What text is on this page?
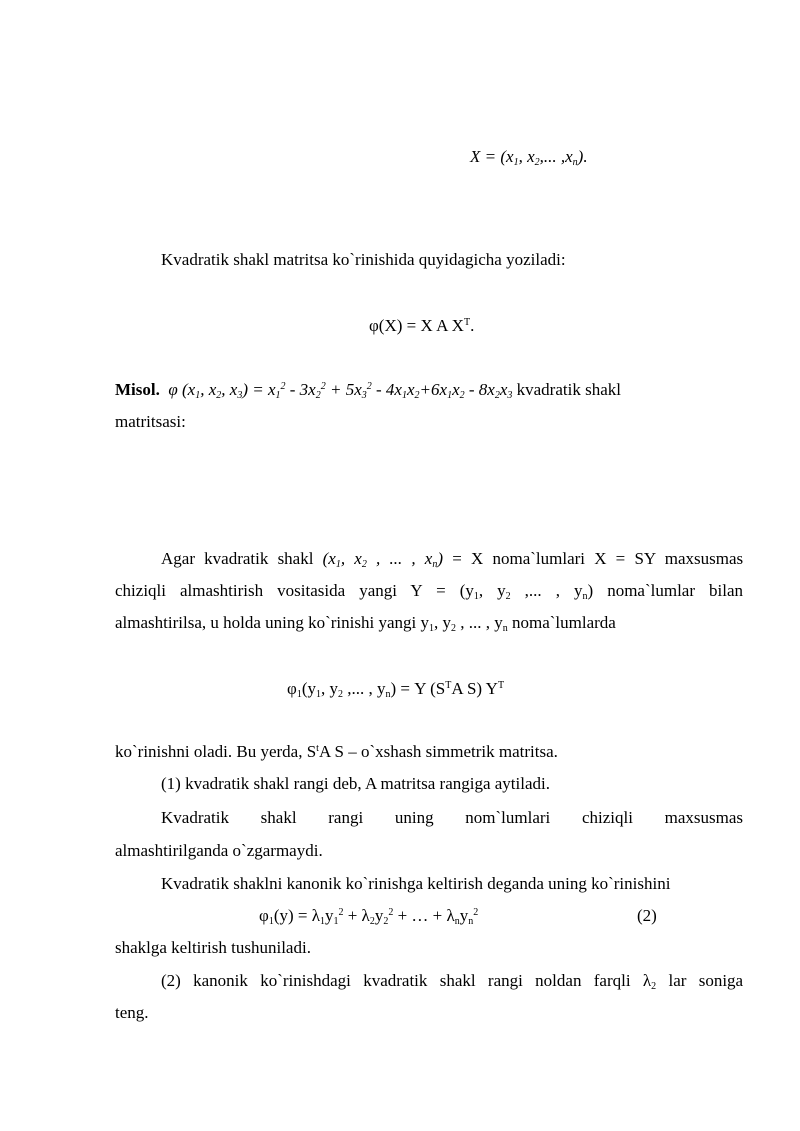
$X = (x_1$, $x_2$,... $,x_n$).
Kvadratik shakl matritsa ko`rinishida quyidagicha yoziladi:
φ(X) = X A $X^T$.
Misol. φ ($x_1$, $x_2$, $x_3) = x_1^2 - 3x_2^2 + 5x_3^2 - 4x_1x_2+6x_1x_2 - 8x_2x_3$ kvadratik shakl
matritsasi:
Agar kvadratik shakl ($x_1$, $x_2$ , ... , $x_n) = X$ noma`lumlari X = SY maxsusmas
chiziqli almashtirish vositasida yangi $Y = (y_1$, $y_2$ ,... , $y_n$) noma`lumlar bilan
almashtirilsa, u holda uning ko`rinishi yangi $y_1$, $y_2$ , ... , $y_n$ noma`lumlarda
$\varphi_1(y_1$, $y_2$ ,... , $y_n) = Y$ ($S^TA$ S) $Y^T$
ko`rinishni oladi. Bu yerda, $S^tA$ S – o`xshash simmetrik matritsa.
(1) kvadratik shakl rangi deb, A matritsa rangiga aytiladi.
Kvadratik shakl rangi uning nom`lumlari chiziqli maxsusmas
almashtirilganda o`zgarmaydi.
Kvadratik shaklni kanonik ko`rinishga keltirish deganda uning ko`rinishini
$\varphi_1(y) = \lambda_1y_1^2 + \lambda_2y_2^2$ + … + $\lambda_ny_n^2$	(2)
shaklga keltirish tushuniladi.
(2) kanonik ko`rinishdagi kvadratik shakl rangi noldan farqli $\lambda_2$ lar soniga
teng.
